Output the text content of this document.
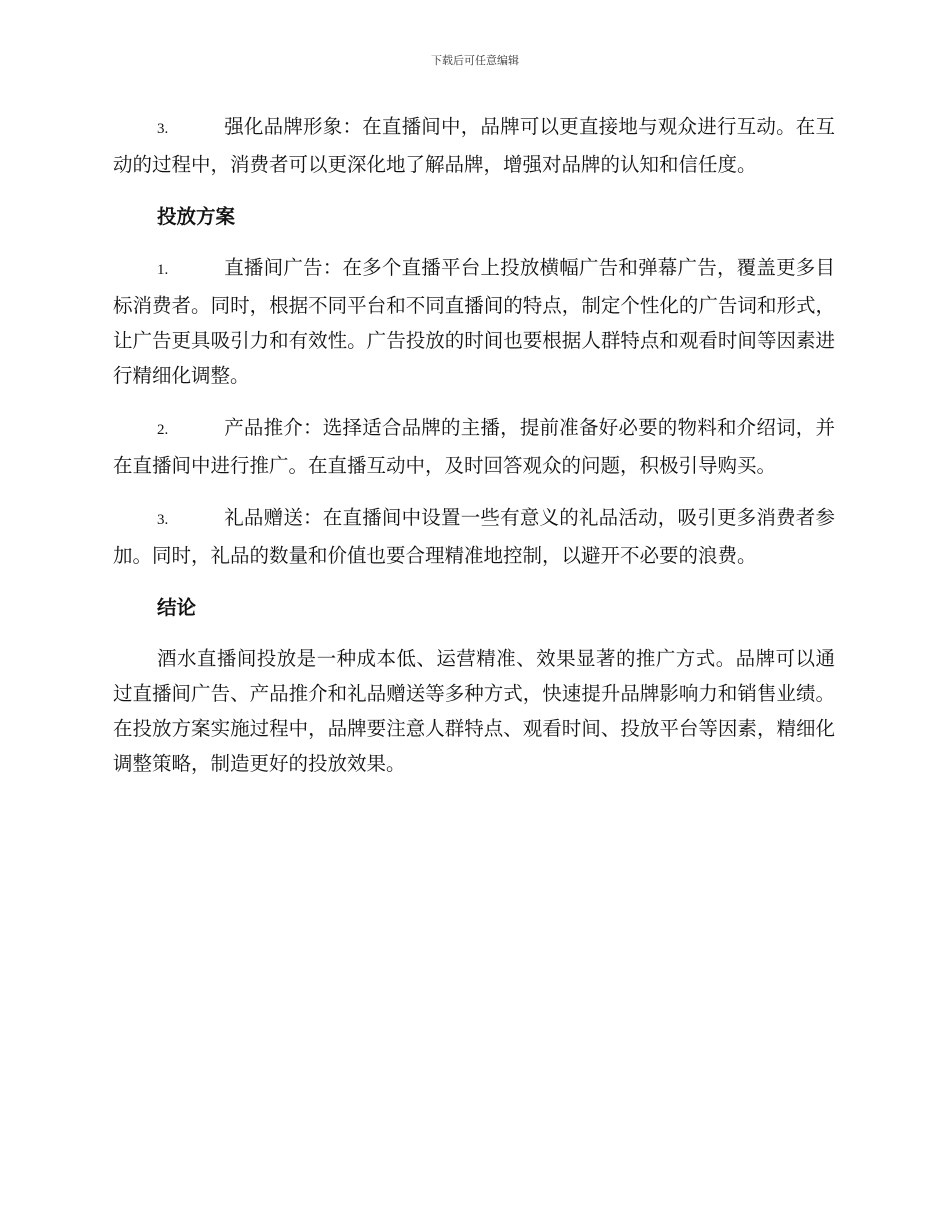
下载后可任意编辑

3.	强化品牌形象：在直播间中，品牌可以更直接地与观众进行互动。在互动的过程中，消费者可以更深化地了解品牌，增强对品牌的认知和信任度。

投放方案

1.	直播间广告：在多个直播平台上投放横幅广告和弹幕广告，覆盖更多目标消费者。同时，根据不同平台和不同直播间的特点，制定个性化的广告词和形式，让广告更具吸引力和有效性。广告投放的时间也要根据人群特点和观看时间等因素进行精细化调整。

2.	产品推介：选择适合品牌的主播，提前准备好必要的物料和介绍词，并在直播间中进行推广。在直播互动中，及时回答观众的问题，积极引导购买。

3.	礼品赠送：在直播间中设置一些有意义的礼品活动，吸引更多消费者参加。同时，礼品的数量和价值也要合理精准地控制，以避开不必要的浪费。

结论

酒水直播间投放是一种成本低、运营精准、效果显著的推广方式。品牌可以通过直播间广告、产品推介和礼品赠送等多种方式，快速提升品牌影响力和销售业绩。在投放方案实施过程中，品牌要注意人群特点、观看时间、投放平台等因素，精细化调整策略，制造更好的投放效果。
